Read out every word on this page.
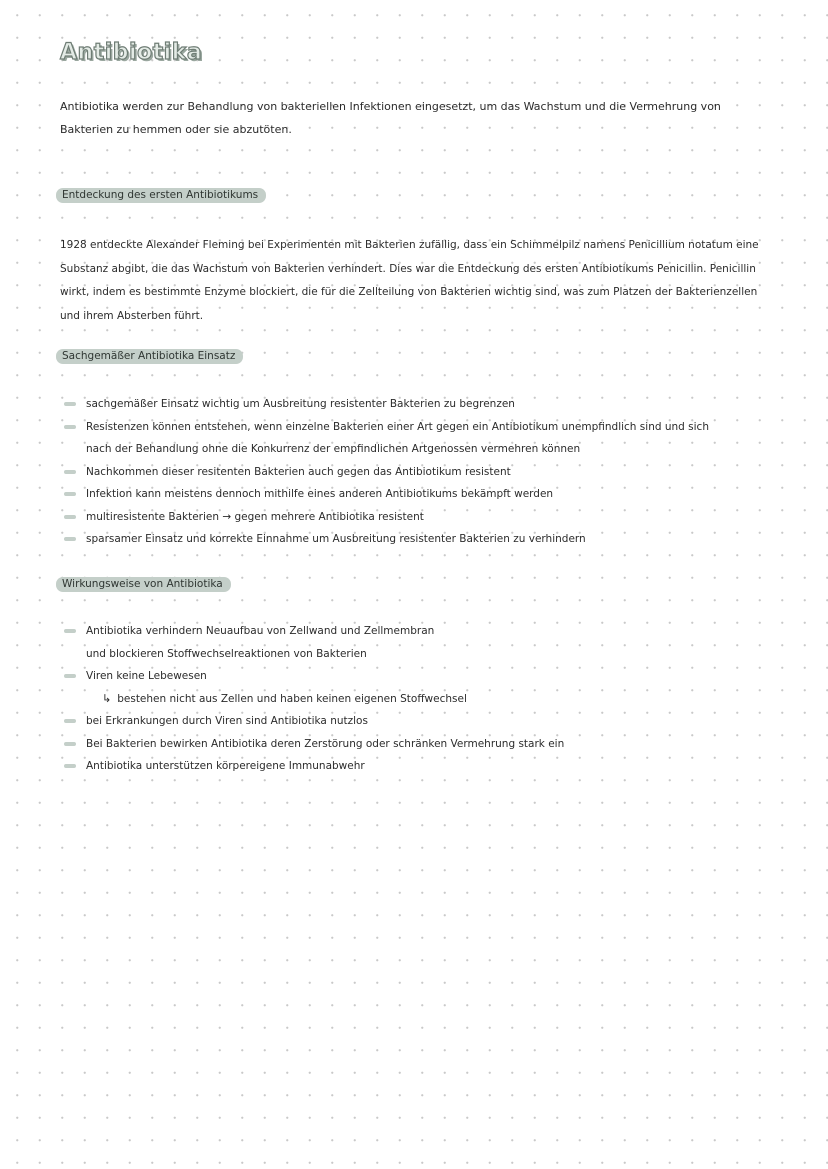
Antibiotika
Antibiotika werden zur Behandlung von bakteriellen Infektionen eingesetzt, um das Wachstum und die Vermehrung von Bakterien zu hemmen oder sie abzutöten.
Entdeckung des ersten Antibiotikums
1928 entdeckte Alexander Fleming bei Experimenten mit Bakterien zufällig, dass ein Schimmelpilz namens Penicillium notatum eine Substanz abgibt, die das Wachstum von Bakterien verhindert. Dies war die Entdeckung des ersten Antibiotikums Penicillin. Penicillin wirkt, indem es bestimmte Enzyme blockiert, die für die Zellteilung von Bakterien wichtig sind, was zum Platzen der Bakterienzellen und ihrem Absterben führt.
Sachgemäßer Antibiotika Einsatz
sachgemäßer Einsatz wichtig um Ausbreitung resistenter Bakterien zu begrenzen
Resistenzen können entstehen, wenn einzelne Bakterien einer Art gegen ein Antibiotikum unempfindlich sind und sich
nach der Behandlung ohne die Konkurrenz der empfindlichen Artgenossen vermehren können
Nachkommen dieser resitenten Bakterien auch gegen das Antibiotikum resistent
Infektion kann meistens dennoch mithilfe eines anderen Antibiotikums bekämpft werden
multiresistente Bakterien → gegen mehrere Antibiotika resistent
sparsamer Einsatz und korrekte Einnahme um Ausbreitung resistenter Bakterien zu verhindern
Wirkungsweise von Antibiotika
Antibiotika verhindern Neuaufbau von Zellwand und Zellmembran
und blockieren Stoffwechselreaktionen von Bakterien
Viren keine Lebewesen
↳ bestehen nicht aus Zellen und haben keinen eigenen Stoffwechsel
bei Erkrankungen durch Viren sind Antibiotika nutzlos
Bei Bakterien bewirken Antibiotika deren Zerstörung oder schränken Vermehrung stark ein
Antibiotika unterstützen körpereigene Immunabwehr
